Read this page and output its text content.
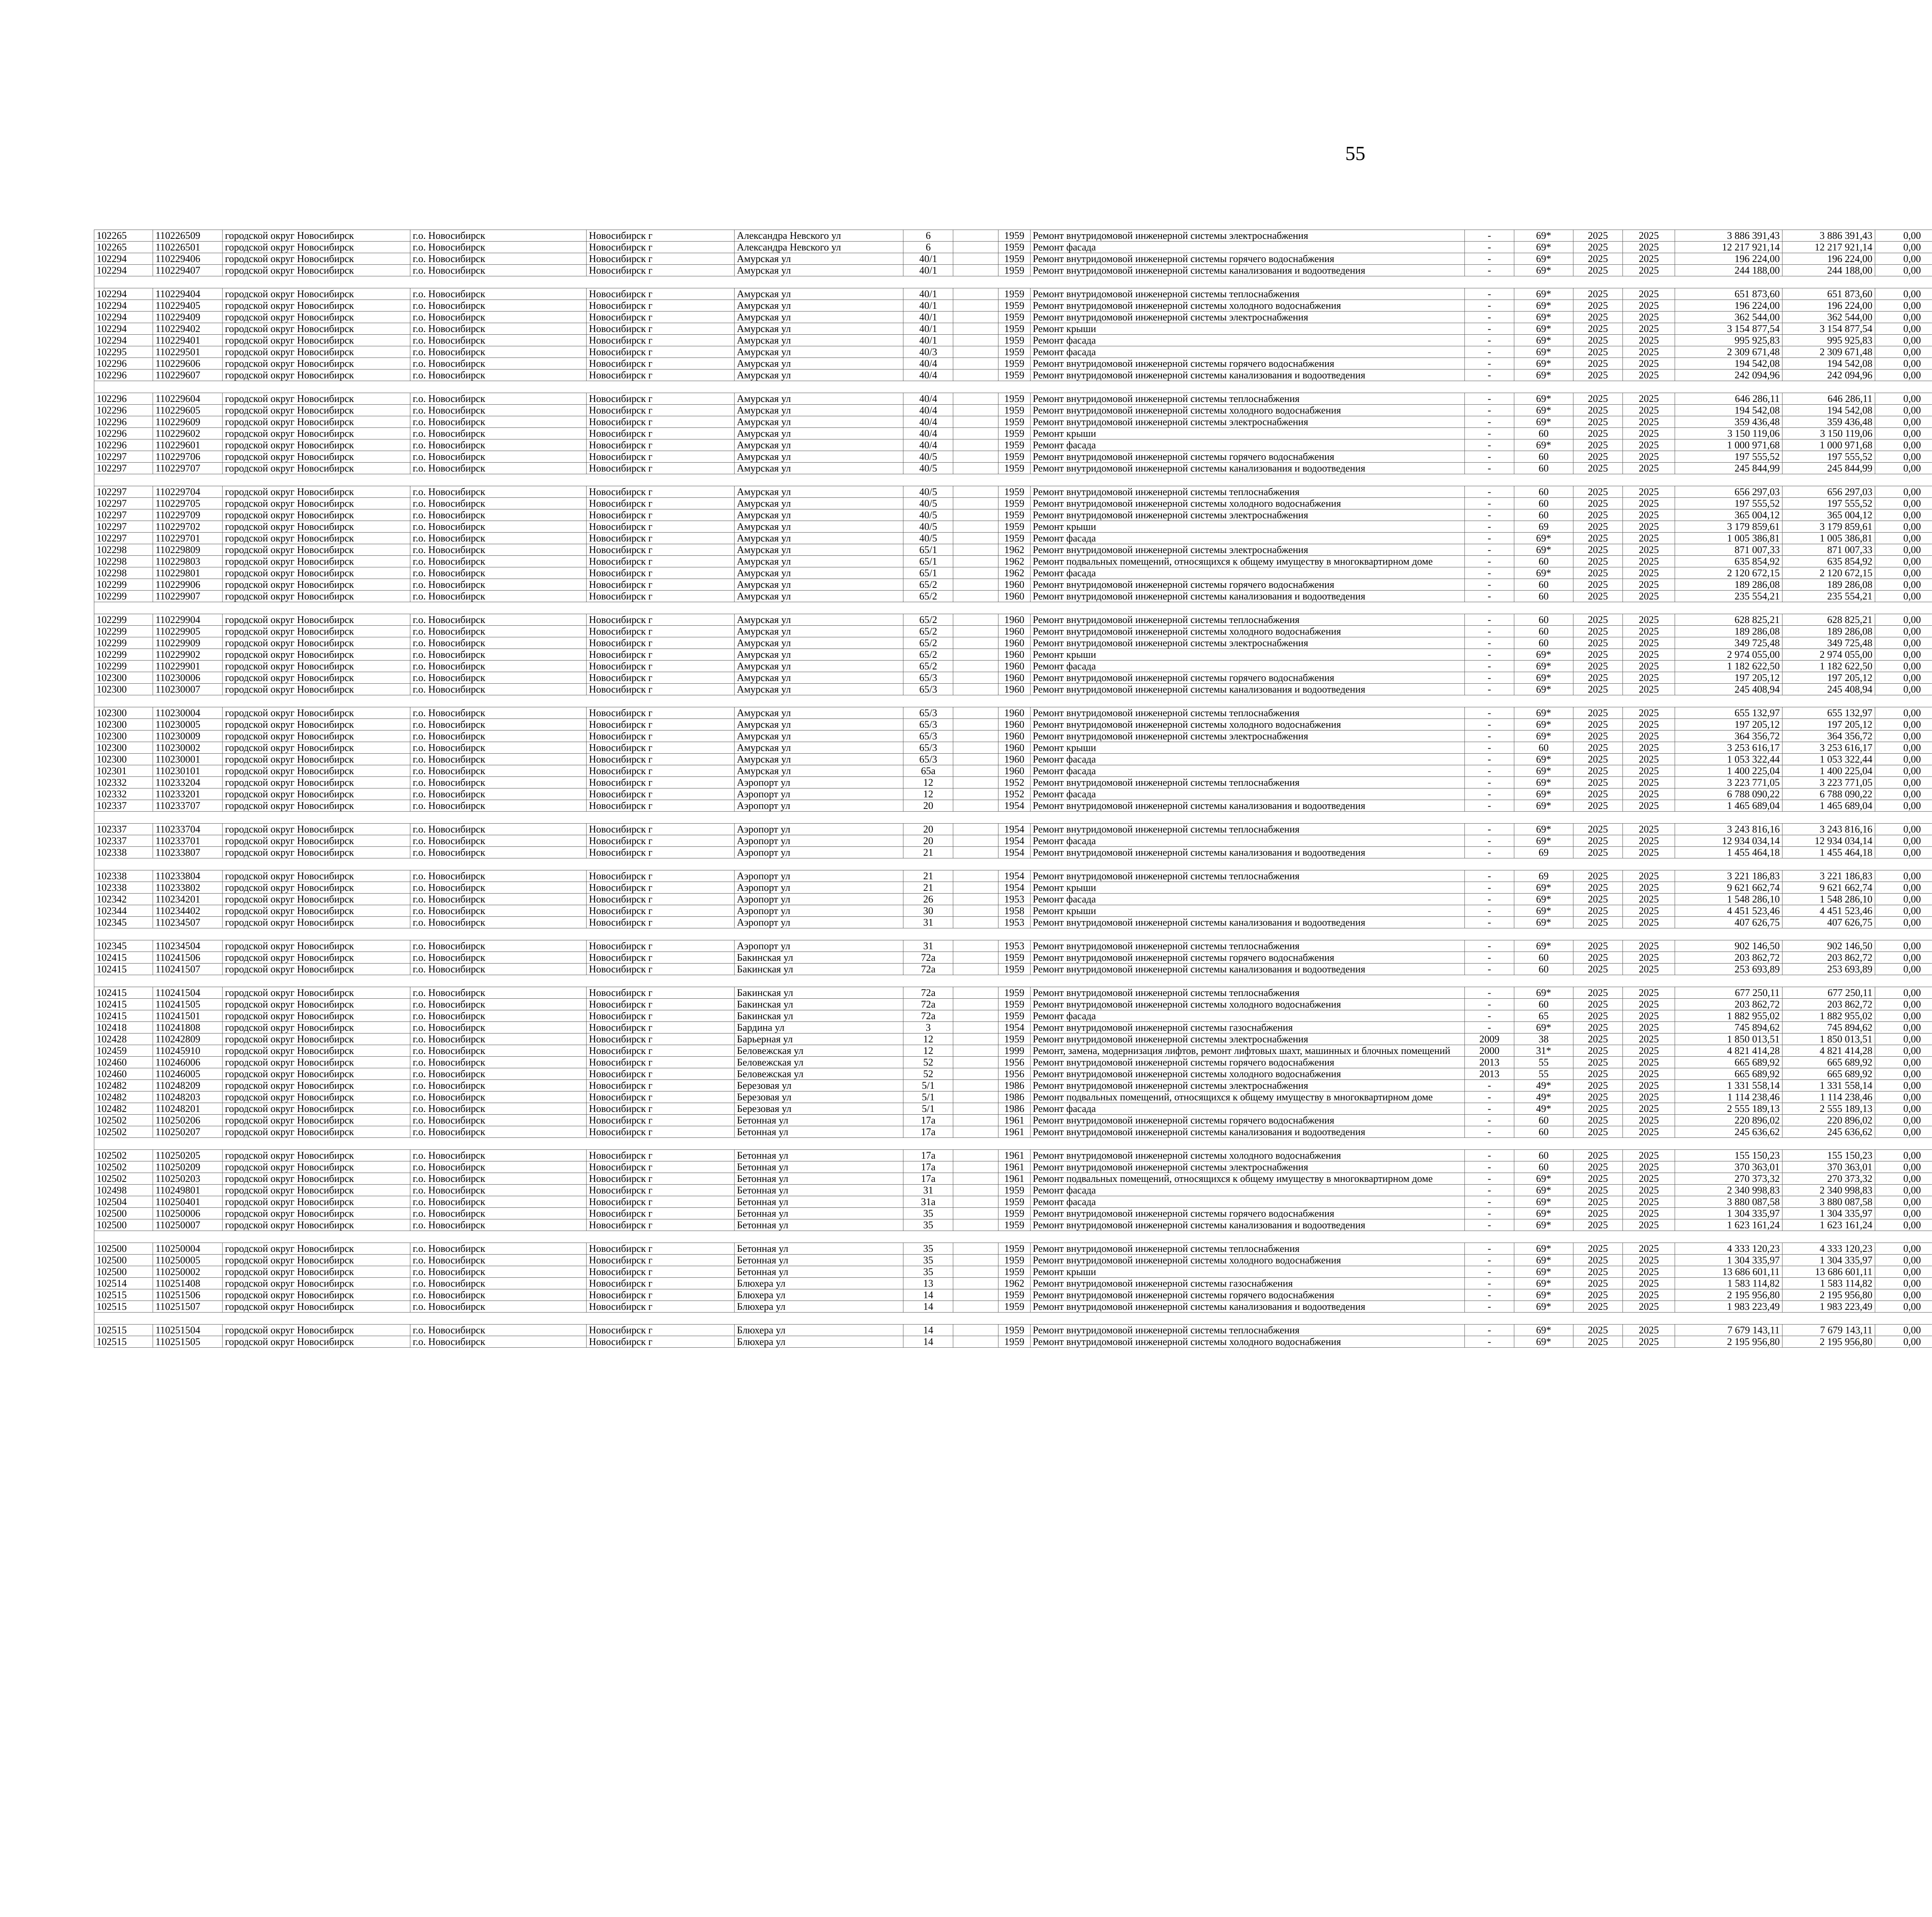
55
102265	110226509	городской округ Новосибирск	г.о. Новосибирск	Новосибирск г	Александра Невского ул	6		1959	Ремонт внутридомовой инженерной системы электроснабжения	-	69*	2025	2025	3 886 391,43	3 886 391,43	0,00					
102265	110226501	городской округ Новосибирск	г.о. Новосибирск	Новосибирск г	Александра Невского ул	6		1959	Ремонт фасада	-	69*	2025	2025	12 217 921,14	12 217 921,14	0,00					
102294	110229406	городской округ Новосибирск	г.о. Новосибирск	Новосибирск г	Амурская ул	40/1		1959	Ремонт внутридомовой инженерной системы горячего водоснабжения	-	69*	2025	2025	196 224,00	196 224,00	0,00					
102294	110229407	городской округ Новосибирск	г.о. Новосибирск	Новосибирск г	Амурская ул	40/1		1959	Ремонт внутридомовой инженерной системы канализования и водоотведения	-	69*	2025	2025	244 188,00	244 188,00	0,00					

102294	110229404	городской округ Новосибирск	г.о. Новосибирск	Новосибирск г	Амурская ул	40/1		1959	Ремонт внутридомовой инженерной системы теплоснабжения	-	69*	2025	2025	651 873,60	651 873,60	0,00					
102294	110229405	городской округ Новосибирск	г.о. Новосибирск	Новосибирск г	Амурская ул	40/1		1959	Ремонт внутридомовой инженерной системы холодного водоснабжения	-	69*	2025	2025	196 224,00	196 224,00	0,00					
102294	110229409	городской округ Новосибирск	г.о. Новосибирск	Новосибирск г	Амурская ул	40/1		1959	Ремонт внутридомовой инженерной системы электроснабжения	-	69*	2025	2025	362 544,00	362 544,00	0,00					
102294	110229402	городской округ Новосибирск	г.о. Новосибирск	Новосибирск г	Амурская ул	40/1		1959	Ремонт крыши	-	69*	2025	2025	3 154 877,54	3 154 877,54	0,00					
102294	110229401	городской округ Новосибирск	г.о. Новосибирск	Новосибирск г	Амурская ул	40/1		1959	Ремонт фасада	-	69*	2025	2025	995 925,83	995 925,83	0,00					
102295	110229501	городской округ Новосибирск	г.о. Новосибирск	Новосибирск г	Амурская ул	40/3		1959	Ремонт фасада	-	69*	2025	2025	2 309 671,48	2 309 671,48	0,00					
102296	110229606	городской округ Новосибирск	г.о. Новосибирск	Новосибирск г	Амурская ул	40/4		1959	Ремонт внутридомовой инженерной системы горячего водоснабжения	-	69*	2025	2025	194 542,08	194 542,08	0,00					
102296	110229607	городской округ Новосибирск	г.о. Новосибирск	Новосибирск г	Амурская ул	40/4		1959	Ремонт внутридомовой инженерной системы канализования и водоотведения	-	69*	2025	2025	242 094,96	242 094,96	0,00					

102296	110229604	городской округ Новосибирск	г.о. Новосибирск	Новосибирск г	Амурская ул	40/4		1959	Ремонт внутридомовой инженерной системы теплоснабжения	-	69*	2025	2025	646 286,11	646 286,11	0,00					
102296	110229605	городской округ Новосибирск	г.о. Новосибирск	Новосибирск г	Амурская ул	40/4		1959	Ремонт внутридомовой инженерной системы холодного водоснабжения	-	69*	2025	2025	194 542,08	194 542,08	0,00					
102296	110229609	городской округ Новосибирск	г.о. Новосибирск	Новосибирск г	Амурская ул	40/4		1959	Ремонт внутридомовой инженерной системы электроснабжения	-	69*	2025	2025	359 436,48	359 436,48	0,00					
102296	110229602	городской округ Новосибирск	г.о. Новосибирск	Новосибирск г	Амурская ул	40/4		1959	Ремонт крыши	-	60	2025	2025	3 150 119,06	3 150 119,06	0,00					
102296	110229601	городской округ Новосибирск	г.о. Новосибирск	Новосибирск г	Амурская ул	40/4		1959	Ремонт фасада	-	69*	2025	2025	1 000 971,68	1 000 971,68	0,00					
102297	110229706	городской округ Новосибирск	г.о. Новосибирск	Новосибирск г	Амурская ул	40/5		1959	Ремонт внутридомовой инженерной системы горячего водоснабжения	-	60	2025	2025	197 555,52	197 555,52	0,00					
102297	110229707	городской округ Новосибирск	г.о. Новосибирск	Новосибирск г	Амурская ул	40/5		1959	Ремонт внутридомовой инженерной системы канализования и водоотведения	-	60	2025	2025	245 844,99	245 844,99	0,00					

102297	110229704	городской округ Новосибирск	г.о. Новосибирск	Новосибирск г	Амурская ул	40/5		1959	Ремонт внутридомовой инженерной системы теплоснабжения	-	60	2025	2025	656 297,03	656 297,03	0,00					
102297	110229705	городской округ Новосибирск	г.о. Новосибирск	Новосибирск г	Амурская ул	40/5		1959	Ремонт внутридомовой инженерной системы холодного водоснабжения	-	60	2025	2025	197 555,52	197 555,52	0,00					
102297	110229709	городской округ Новосибирск	г.о. Новосибирск	Новосибирск г	Амурская ул	40/5		1959	Ремонт внутридомовой инженерной системы электроснабжения	-	60	2025	2025	365 004,12	365 004,12	0,00					
102297	110229702	городской округ Новосибирск	г.о. Новосибирск	Новосибирск г	Амурская ул	40/5		1959	Ремонт крыши	-	69	2025	2025	3 179 859,61	3 179 859,61	0,00					
102297	110229701	городской округ Новосибирск	г.о. Новосибирск	Новосибирск г	Амурская ул	40/5		1959	Ремонт фасада	-	69*	2025	2025	1 005 386,81	1 005 386,81	0,00					
102298	110229809	городской округ Новосибирск	г.о. Новосибирск	Новосибирск г	Амурская ул	65/1		1962	Ремонт внутридомовой инженерной системы электроснабжения	-	69*	2025	2025	871 007,33	871 007,33	0,00					
102298	110229803	городской округ Новосибирск	г.о. Новосибирск	Новосибирск г	Амурская ул	65/1		1962	Ремонт подвальных помещений, относящихся к общему имуществу в многоквартирном доме	-	60	2025	2025	635 854,92	635 854,92	0,00					
102298	110229801	городской округ Новосибирск	г.о. Новосибирск	Новосибирск г	Амурская ул	65/1		1962	Ремонт фасада	-	69*	2025	2025	2 120 672,15	2 120 672,15	0,00					
102299	110229906	городской округ Новосибирск	г.о. Новосибирск	Новосибирск г	Амурская ул	65/2		1960	Ремонт внутридомовой инженерной системы горячего водоснабжения	-	60	2025	2025	189 286,08	189 286,08	0,00					
102299	110229907	городской округ Новосибирск	г.о. Новосибирск	Новосибирск г	Амурская ул	65/2		1960	Ремонт внутридомовой инженерной системы канализования и водоотведения	-	60	2025	2025	235 554,21	235 554,21	0,00					

102299	110229904	городской округ Новосибирск	г.о. Новосибирск	Новосибирск г	Амурская ул	65/2		1960	Ремонт внутридомовой инженерной системы теплоснабжения	-	60	2025	2025	628 825,21	628 825,21	0,00					
102299	110229905	городской округ Новосибирск	г.о. Новосибирск	Новосибирск г	Амурская ул	65/2		1960	Ремонт внутридомовой инженерной системы холодного водоснабжения	-	60	2025	2025	189 286,08	189 286,08	0,00					
102299	110229909	городской округ Новосибирск	г.о. Новосибирск	Новосибирск г	Амурская ул	65/2		1960	Ремонт внутридомовой инженерной системы электроснабжения	-	60	2025	2025	349 725,48	349 725,48	0,00					
102299	110229902	городской округ Новосибирск	г.о. Новосибирск	Новосибирск г	Амурская ул	65/2		1960	Ремонт крыши	-	69*	2025	2025	2 974 055,00	2 974 055,00	0,00					
102299	110229901	городской округ Новосибирск	г.о. Новосибирск	Новосибирск г	Амурская ул	65/2		1960	Ремонт фасада	-	69*	2025	2025	1 182 622,50	1 182 622,50	0,00					
102300	110230006	городской округ Новосибирск	г.о. Новосибирск	Новосибирск г	Амурская ул	65/3		1960	Ремонт внутридомовой инженерной системы горячего водоснабжения	-	69*	2025	2025	197 205,12	197 205,12	0,00					
102300	110230007	городской округ Новосибирск	г.о. Новосибирск	Новосибирск г	Амурская ул	65/3		1960	Ремонт внутридомовой инженерной системы канализования и водоотведения	-	69*	2025	2025	245 408,94	245 408,94	0,00					

102300	110230004	городской округ Новосибирск	г.о. Новосибирск	Новосибирск г	Амурская ул	65/3		1960	Ремонт внутридомовой инженерной системы теплоснабжения	-	69*	2025	2025	655 132,97	655 132,97	0,00					
102300	110230005	городской округ Новосибирск	г.о. Новосибирск	Новосибирск г	Амурская ул	65/3		1960	Ремонт внутридомовой инженерной системы холодного водоснабжения	-	69*	2025	2025	197 205,12	197 205,12	0,00					
102300	110230009	городской округ Новосибирск	г.о. Новосибирск	Новосибирск г	Амурская ул	65/3		1960	Ремонт внутридомовой инженерной системы электроснабжения	-	69*	2025	2025	364 356,72	364 356,72	0,00					
102300	110230002	городской округ Новосибирск	г.о. Новосибирск	Новосибирск г	Амурская ул	65/3		1960	Ремонт крыши	-	60	2025	2025	3 253 616,17	3 253 616,17	0,00					
102300	110230001	городской округ Новосибирск	г.о. Новосибирск	Новосибирск г	Амурская ул	65/3		1960	Ремонт фасада	-	69*	2025	2025	1 053 322,44	1 053 322,44	0,00					
102301	110230101	городской округ Новосибирск	г.о. Новосибирск	Новосибирск г	Амурская ул	65а		1960	Ремонт фасада	-	69*	2025	2025	1 400 225,04	1 400 225,04	0,00					
102332	110233204	городской округ Новосибирск	г.о. Новосибирск	Новосибирск г	Аэропорт ул	12		1952	Ремонт внутридомовой инженерной системы теплоснабжения	-	69*	2025	2025	3 223 771,05	3 223 771,05	0,00					
102332	110233201	городской округ Новосибирск	г.о. Новосибирск	Новосибирск г	Аэропорт ул	12		1952	Ремонт фасада	-	69*	2025	2025	6 788 090,22	6 788 090,22	0,00					
102337	110233707	городской округ Новосибирск	г.о. Новосибирск	Новосибирск г	Аэропорт ул	20		1954	Ремонт внутридомовой инженерной системы канализования и водоотведения	-	69*	2025	2025	1 465 689,04	1 465 689,04	0,00					

102337	110233704	городской округ Новосибирск	г.о. Новосибирск	Новосибирск г	Аэропорт ул	20		1954	Ремонт внутридомовой инженерной системы теплоснабжения	-	69*	2025	2025	3 243 816,16	3 243 816,16	0,00					
102337	110233701	городской округ Новосибирск	г.о. Новосибирск	Новосибирск г	Аэропорт ул	20		1954	Ремонт фасада	-	69*	2025	2025	12 934 034,14	12 934 034,14	0,00					
102338	110233807	городской округ Новосибирск	г.о. Новосибирск	Новосибирск г	Аэропорт ул	21		1954	Ремонт внутридомовой инженерной системы канализования и водоотведения	-	69	2025	2025	1 455 464,18	1 455 464,18	0,00					

102338	110233804	городской округ Новосибирск	г.о. Новосибирск	Новосибирск г	Аэропорт ул	21		1954	Ремонт внутридомовой инженерной системы теплоснабжения	-	69	2025	2025	3 221 186,83	3 221 186,83	0,00					
102338	110233802	городской округ Новосибирск	г.о. Новосибирск	Новосибирск г	Аэропорт ул	21		1954	Ремонт крыши	-	69*	2025	2025	9 621 662,74	9 621 662,74	0,00					
102342	110234201	городской округ Новосибирск	г.о. Новосибирск	Новосибирск г	Аэропорт ул	26		1953	Ремонт фасада	-	69*	2025	2025	1 548 286,10	1 548 286,10	0,00					
102344	110234402	городской округ Новосибирск	г.о. Новосибирск	Новосибирск г	Аэропорт ул	30		1958	Ремонт крыши	-	69*	2025	2025	4 451 523,46	4 451 523,46	0,00					
102345	110234507	городской округ Новосибирск	г.о. Новосибирск	Новосибирск г	Аэропорт ул	31		1953	Ремонт внутридомовой инженерной системы канализования и водоотведения	-	69*	2025	2025	407 626,75	407 626,75	0,00					

102345	110234504	городской округ Новосибирск	г.о. Новосибирск	Новосибирск г	Аэропорт ул	31		1953	Ремонт внутридомовой инженерной системы теплоснабжения	-	69*	2025	2025	902 146,50	902 146,50	0,00					
102415	110241506	городской округ Новосибирск	г.о. Новосибирск	Новосибирск г	Бакинская ул	72а		1959	Ремонт внутридомовой инженерной системы горячего водоснабжения	-	60	2025	2025	203 862,72	203 862,72	0,00					
102415	110241507	городской округ Новосибирск	г.о. Новосибирск	Новосибирск г	Бакинская ул	72а		1959	Ремонт внутридомовой инженерной системы канализования и водоотведения	-	60	2025	2025	253 693,89	253 693,89	0,00					

102415	110241504	городской округ Новосибирск	г.о. Новосибирск	Новосибирск г	Бакинская ул	72а		1959	Ремонт внутридомовой инженерной системы теплоснабжения	-	69*	2025	2025	677 250,11	677 250,11	0,00					
102415	110241505	городской округ Новосибирск	г.о. Новосибирск	Новосибирск г	Бакинская ул	72а		1959	Ремонт внутридомовой инженерной системы холодного водоснабжения	-	60	2025	2025	203 862,72	203 862,72	0,00					
102415	110241501	городской округ Новосибирск	г.о. Новосибирск	Новосибирск г	Бакинская ул	72а		1959	Ремонт фасада	-	65	2025	2025	1 882 955,02	1 882 955,02	0,00					
102418	110241808	городской округ Новосибирск	г.о. Новосибирск	Новосибирск г	Бардина ул	3		1954	Ремонт внутридомовой инженерной системы газоснабжения	-	69*	2025	2025	745 894,62	745 894,62	0,00					
102428	110242809	городской округ Новосибирск	г.о. Новосибирск	Новосибирск г	Барьерная ул	12		1959	Ремонт внутридомовой инженерной системы электроснабжения	2009	38	2025	2025	1 850 013,51	1 850 013,51	0,00					
102459	110245910	городской округ Новосибирск	г.о. Новосибирск	Новосибирск г	Беловежская ул	12		1999	Ремонт, замена, модернизация лифтов, ремонт лифтовых шахт, машинных и блочных помещений	2000	31*	2025	2025	4 821 414,28	4 821 414,28	0,00					
102460	110246006	городской округ Новосибирск	г.о. Новосибирск	Новосибирск г	Беловежская ул	52		1956	Ремонт внутридомовой инженерной системы горячего водоснабжения	2013	55	2025	2025	665 689,92	665 689,92	0,00					
102460	110246005	городской округ Новосибирск	г.о. Новосибирск	Новосибирск г	Беловежская ул	52		1956	Ремонт внутридомовой инженерной системы холодного водоснабжения	2013	55	2025	2025	665 689,92	665 689,92	0,00					
102482	110248209	городской округ Новосибирск	г.о. Новосибирск	Новосибирск г	Березовая ул	5/1		1986	Ремонт внутридомовой инженерной системы электроснабжения	-	49*	2025	2025	1 331 558,14	1 331 558,14	0,00					
102482	110248203	городской округ Новосибирск	г.о. Новосибирск	Новосибирск г	Березовая ул	5/1		1986	Ремонт подвальных помещений, относящихся к общему имуществу в многоквартирном доме	-	49*	2025	2025	1 114 238,46	1 114 238,46	0,00					
102482	110248201	городской округ Новосибирск	г.о. Новосибирск	Новосибирск г	Березовая ул	5/1		1986	Ремонт фасада	-	49*	2025	2025	2 555 189,13	2 555 189,13	0,00					
102502	110250206	городской округ Новосибирск	г.о. Новосибирск	Новосибирск г	Бетонная ул	17а		1961	Ремонт внутридомовой инженерной системы горячего водоснабжения	-	60	2025	2025	220 896,02	220 896,02	0,00					
102502	110250207	городской округ Новосибирск	г.о. Новосибирск	Новосибирск г	Бетонная ул	17а		1961	Ремонт внутридомовой инженерной системы канализования и водоотведения	-	60	2025	2025	245 636,62	245 636,62	0,00					

102502	110250205	городской округ Новосибирск	г.о. Новосибирск	Новосибирск г	Бетонная ул	17а		1961	Ремонт внутридомовой инженерной системы холодного водоснабжения	-	60	2025	2025	155 150,23	155 150,23	0,00					
102502	110250209	городской округ Новосибирск	г.о. Новосибирск	Новосибирск г	Бетонная ул	17а		1961	Ремонт внутридомовой инженерной системы электроснабжения	-	60	2025	2025	370 363,01	370 363,01	0,00					
102502	110250203	городской округ Новосибирск	г.о. Новосибирск	Новосибирск г	Бетонная ул	17а		1961	Ремонт подвальных помещений, относящихся к общему имуществу в многоквартирном доме	-	69*	2025	2025	270 373,32	270 373,32	0,00					
102498	110249801	городской округ Новосибирск	г.о. Новосибирск	Новосибирск г	Бетонная ул	31		1959	Ремонт фасада	-	69*	2025	2025	2 340 998,83	2 340 998,83	0,00					
102504	110250401	городской округ Новосибирск	г.о. Новосибирск	Новосибирск г	Бетонная ул	31а		1959	Ремонт фасада	-	69*	2025	2025	3 880 087,58	3 880 087,58	0,00					
102500	110250006	городской округ Новосибирск	г.о. Новосибирск	Новосибирск г	Бетонная ул	35		1959	Ремонт внутридомовой инженерной системы горячего водоснабжения	-	69*	2025	2025	1 304 335,97	1 304 335,97	0,00					
102500	110250007	городской округ Новосибирск	г.о. Новосибирск	Новосибирск г	Бетонная ул	35		1959	Ремонт внутридомовой инженерной системы канализования и водоотведения	-	69*	2025	2025	1 623 161,24	1 623 161,24	0,00					

102500	110250004	городской округ Новосибирск	г.о. Новосибирск	Новосибирск г	Бетонная ул	35		1959	Ремонт внутридомовой инженерной системы теплоснабжения	-	69*	2025	2025	4 333 120,23	4 333 120,23	0,00					
102500	110250005	городской округ Новосибирск	г.о. Новосибирск	Новосибирск г	Бетонная ул	35		1959	Ремонт внутридомовой инженерной системы холодного водоснабжения	-	69*	2025	2025	1 304 335,97	1 304 335,97	0,00					
102500	110250002	городской округ Новосибирск	г.о. Новосибирск	Новосибирск г	Бетонная ул	35		1959	Ремонт крыши	-	69*	2025	2025	13 686 601,11	13 686 601,11	0,00					
102514	110251408	городской округ Новосибирск	г.о. Новосибирск	Новосибирск г	Блюхера ул	13		1962	Ремонт внутридомовой инженерной системы газоснабжения	-	69*	2025	2025	1 583 114,82	1 583 114,82	0,00					
102515	110251506	городской округ Новосибирск	г.о. Новосибирск	Новосибирск г	Блюхера ул	14		1959	Ремонт внутридомовой инженерной системы горячего водоснабжения	-	69*	2025	2025	2 195 956,80	2 195 956,80	0,00					
102515	110251507	городской округ Новосибирск	г.о. Новосибирск	Новосибирск г	Блюхера ул	14		1959	Ремонт внутридомовой инженерной системы канализования и водоотведения	-	69*	2025	2025	1 983 223,49	1 983 223,49	0,00					

102515	110251504	городской округ Новосибирск	г.о. Новосибирск	Новосибирск г	Блюхера ул	14		1959	Ремонт внутридомовой инженерной системы теплоснабжения	-	69*	2025	2025	7 679 143,11	7 679 143,11	0,00					
102515	110251505	городской округ Новосибирск	г.о. Новосибирск	Новосибирск г	Блюхера ул	14		1959	Ремонт внутридомовой инженерной системы холодного водоснабжения	-	69*	2025	2025	2 195 956,80	2 195 956,80	0,00					
